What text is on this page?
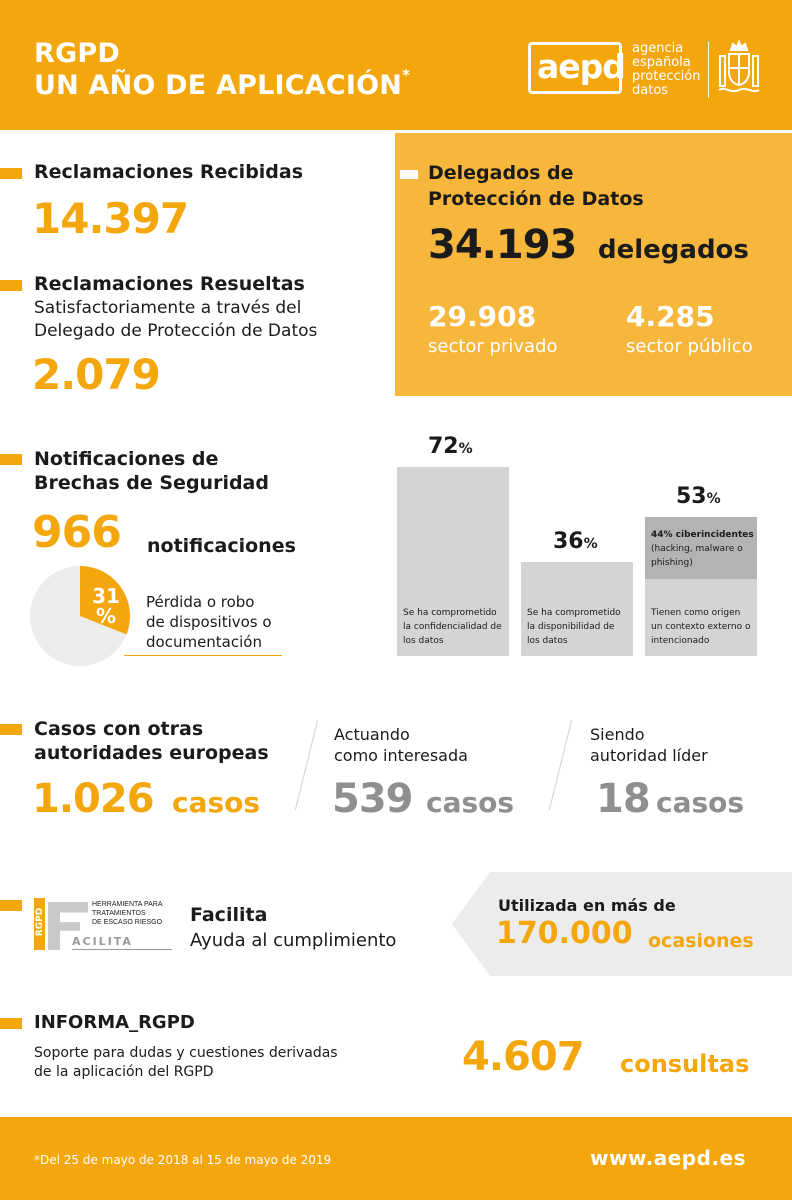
RGPD
UN AÑO DE APLICACIÓN*	aepd agencia
española
protección
datos
Reclamaciones Recibidas
14.397
Reclamaciones Resueltas
Satisfactoriamente a través del
Delegado de Protección de Datos
2.079
Delegados de
Protección de Datos
34.193 delegados
29.908
sector privado
4.285
sector público
Notificaciones de
Brechas de Seguridad
966 notificaciones
31
%
Pérdida o robo
de dispositivos o
documentación
72%
Se ha comprometido
la confidencialidad de
los datos
36%
Se ha comprometido
la disponibilidad de
los datos
53%
44% ciberincidentes
(hacking, malware o
phishing)
Tienen como origen
un contexto externo o
intencionado
Casos con otras
autoridades europeas
1.026 casos
Actuando
como interesada
539 casos
Siendo
autoridad líder
18 casos
RGPD
HERRAMIENTA PARA
TRATAMIENTOS
DE ESCASO RIESGO
ACILITA
Facilita
Ayuda al cumplimiento
Utilizada en más de
170.000 ocasiones
INFORMA_RGPD
Soporte para dudas y cuestiones derivadas
de la aplicación del RGPD	4.607 consultas
*Del 25 de mayo de 2018 al 15 de mayo de 2019	www.aepd.es
